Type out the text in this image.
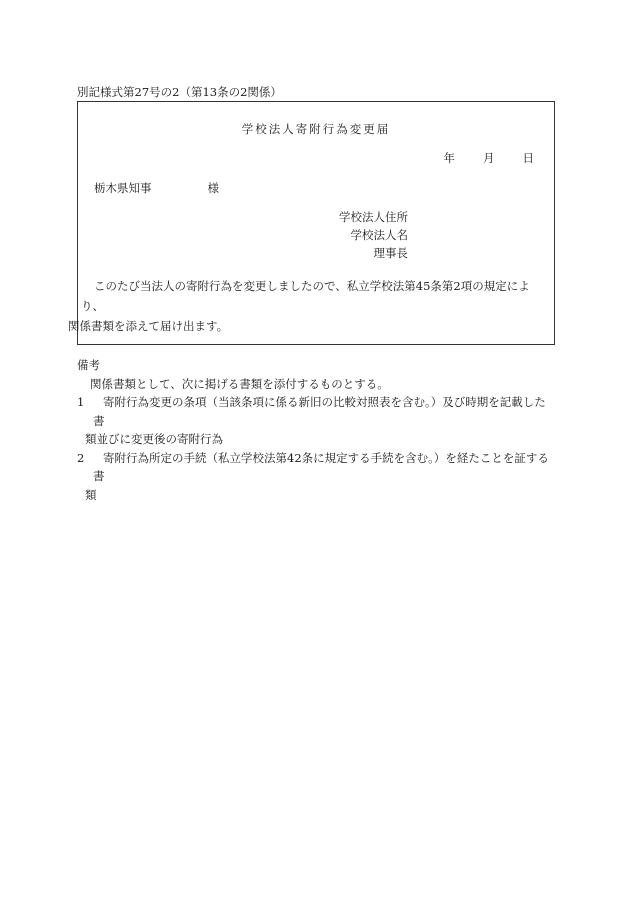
別記様式第27号の2（第13条の2関係）
学校法人寄附行為変更届
年 月 日
栃木県知事	様
学校法人住所
学校法人名
理事長
このたび当法人の寄附行為を変更しましたので、私立学校法第45条第2項の規定により、
関係書類を添えて届け出ます。
備考
関係書類として、次に掲げる書類を添付するものとする。
1	寄附行為変更の条項（当該条項に係る新旧の比較対照表を含む。）及び時期を記載した書
類並びに変更後の寄附行為
2	寄附行為所定の手続（私立学校法第42条に規定する手続を含む。）を経たことを証する書
類
